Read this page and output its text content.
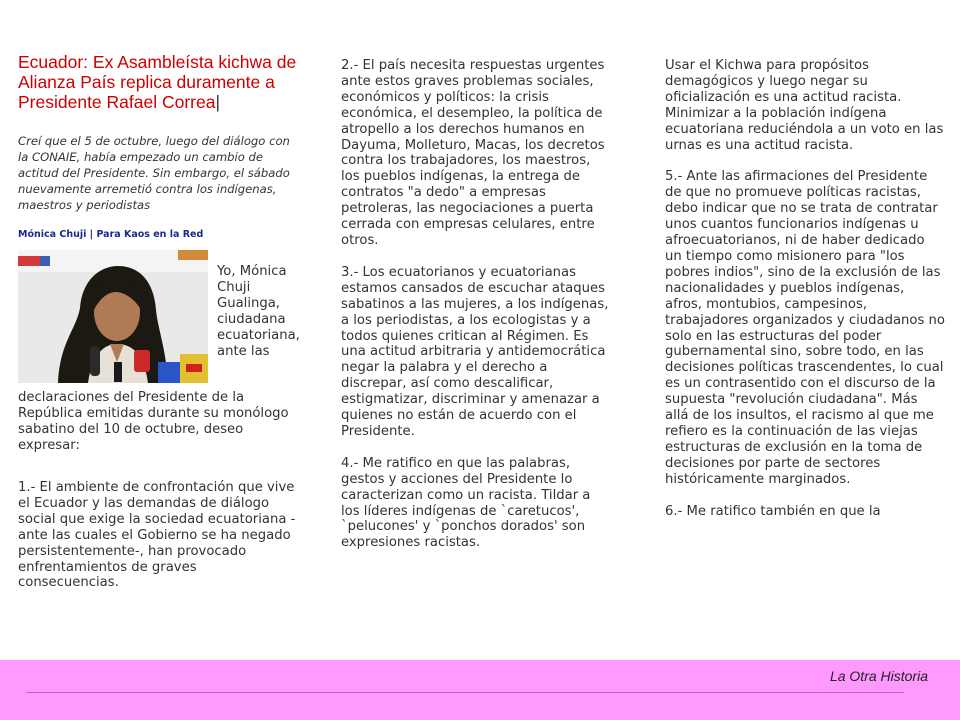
Ecuador: Ex Asambleísta kichwa de Alianza País replica duramente a Presidente Rafael Correa|
Creí que el 5 de octubre, luego del diálogo con la CONAIE, había empezado un cambio de actitud del Presidente. Sin embargo, el sábado nuevamente arremetió contra los indígenas, maestros y periodistas
Mónica Chuji | Para Kaos en la Red
Yo, Mónica Chuji Gualinga, ciudadana ecuatoriana, ante las
declaraciones del Presidente de la República emitidas durante su monólogo sabatino del 10 de octubre, deseo expresar:
1.- El ambiente de confrontación que vive el Ecuador y las demandas de diálogo social que exige la sociedad ecuatoriana - ante las cuales el Gobierno se ha negado persistentemente-, han provocado enfrentamientos de graves consecuencias.

2.- El país necesita respuestas urgentes ante estos graves problemas sociales, económicos y políticos: la crisis económica, el desempleo, la política de atropello a los derechos humanos en Dayuma, Molleturo, Macas, los decretos contra los trabajadores, los maestros, los pueblos indígenas, la entrega de contratos "a dedo" a empresas petroleras, las negociaciones a puerta cerrada con empresas celulares, entre otros.

3.- Los ecuatorianos y ecuatorianas estamos cansados de escuchar ataques sabatinos a las mujeres, a los indígenas, a los periodistas, a los ecologistas y a todos quienes critican al Régimen. Es una actitud arbitraria y antidemocrática negar la palabra y el derecho a discrepar, así como descalificar, estigmatizar, discriminar y amenazar a quienes no están de acuerdo con el Presidente.

4.- Me ratifico en que las palabras, gestos y acciones del Presidente lo caracterizan como un racista. Tildar a los líderes indígenas de `caretucos', `pelucones' y `ponchos dorados' son expresiones racistas.

Usar el Kichwa para propósitos demagógicos y luego negar su oficialización es una actitud racista. Minimizar a la población indígena ecuatoriana reduciéndola a un voto en las urnas es una actitud racista.

5.- Ante las afirmaciones del Presidente de que no promueve políticas racistas, debo indicar que no se trata de contratar unos cuantos funcionarios indígenas u afroecuatorianos, ni de haber dedicado un tiempo como misionero para "los pobres indios", sino de la exclusión de las nacionalidades y pueblos indígenas, afros, montubios, campesinos, trabajadores organizados y ciudadanos no solo en las estructuras del poder gubernamental sino, sobre todo, en las decisiones políticas trascendentes, lo cual es un contrasentido con el discurso de la supuesta "revolución ciudadana". Más allá de los insultos, el racismo al que me refiero es la continuación de las viejas estructuras de exclusión en la toma de decisiones por parte de sectores históricamente marginados.

6.- Me ratifico también en que la

La Otra Historia
